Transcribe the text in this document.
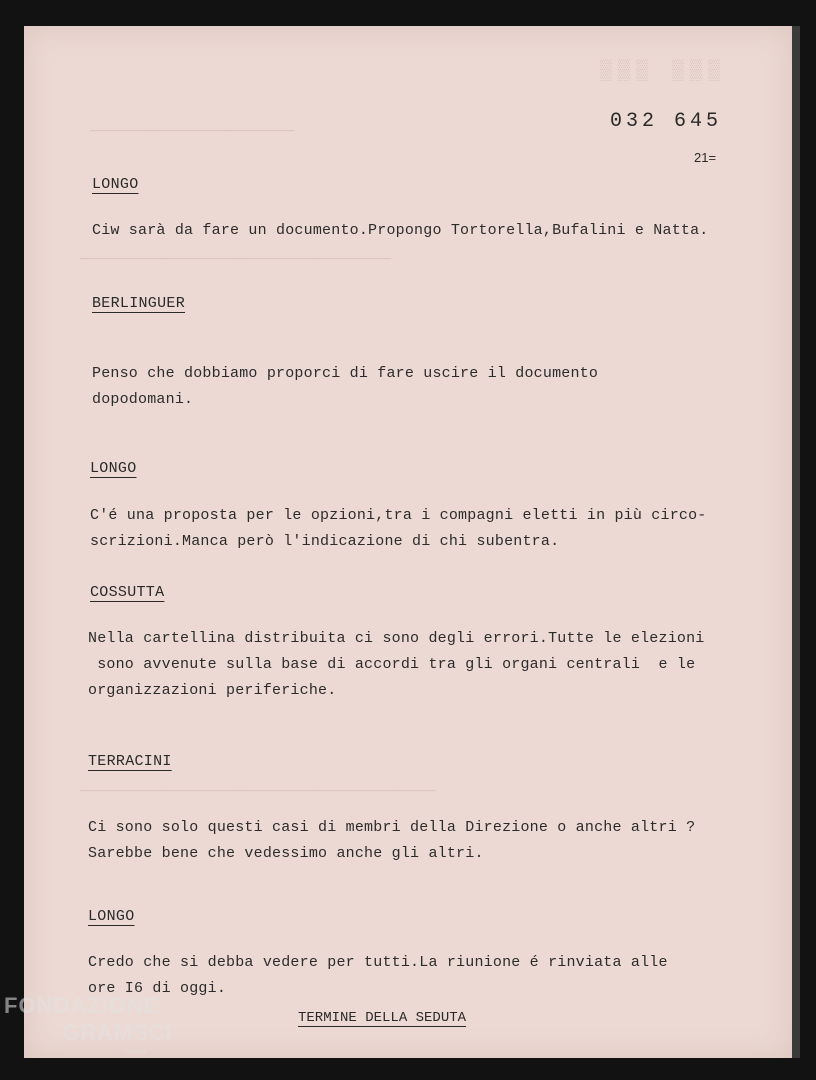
▒▒▒ ▒▒▒
───────────────────────
───────────────────────────────────
────────────────────────────────────────
032 645
21=
LONGO
Ciw sarà da fare un documento.Propongo Tortorella,Bufalini e Natta.
BERLINGUER
Penso che dobbiamo proporci di fare uscire il documento
dopodomani.
LONGO
C'é una proposta per le opzioni,tra i compagni eletti in più circo-
scrizioni.Manca però l'indicazione di chi subentra.
COSSUTTA
Nella cartellina distribuita ci sono degli errori.Tutte le elezioni
sono avvenute sulla base di accordi tra gli organi centrali  e le
organizzazioni periferiche.
TERRACINI
Ci sono solo questi casi di membri della Direzione o anche altri ?
Sarebbe bene che vedessimo anche gli altri.
LONGO
Credo che si debba vedere per tutti.La riunione é rinviata alle
ore I6 di oggi.
TERMINE DELLA SEDUTA
FONDAZIONE
GRAMSCI
onlus
